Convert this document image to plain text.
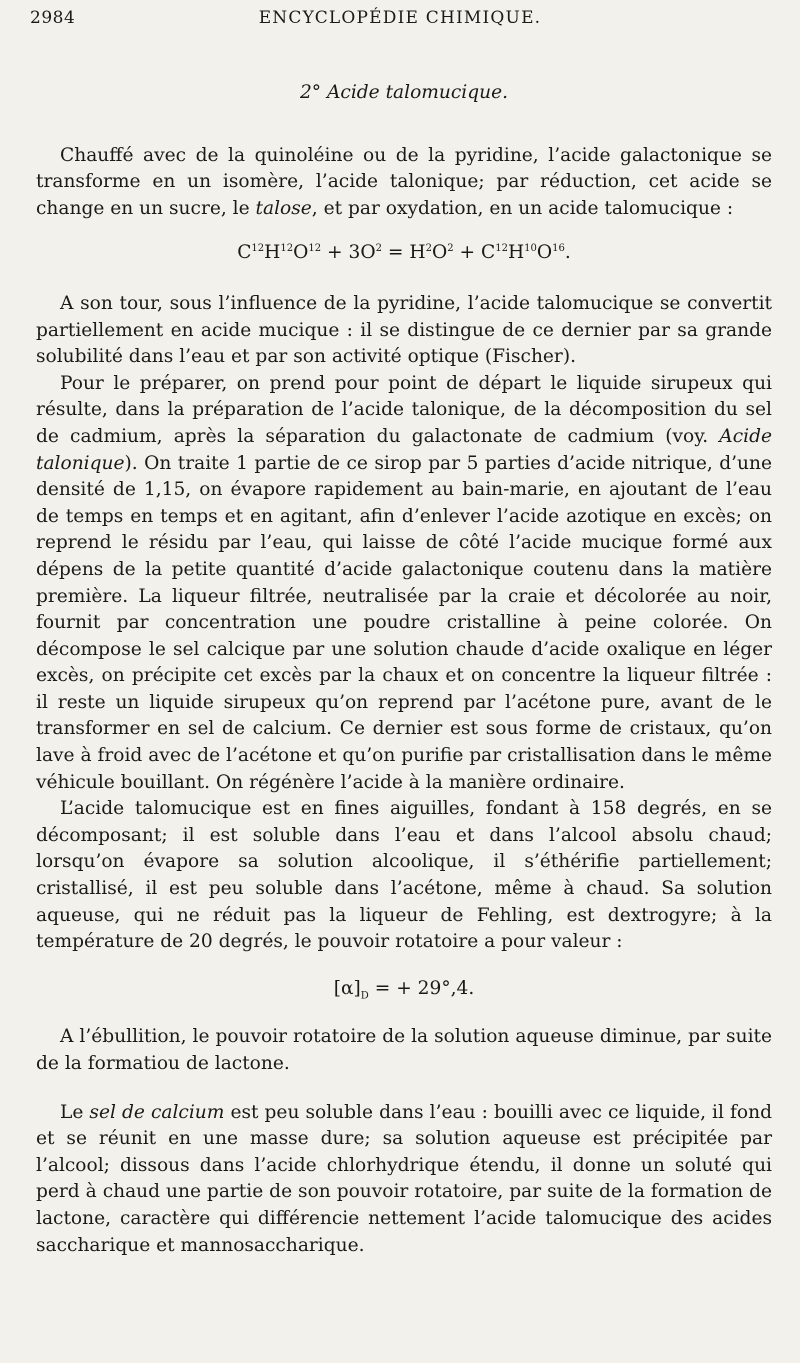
2984	ENCYCLOPÉDIE CHIMIQUE.

2° Acide talomucique.

Chauffé avec de la quinoléine ou de la pyridine, l’acide galactonique se transforme en un isomère, l’acide talonique; par réduction, cet acide se change en un sucre, le talose, et par oxydation, en un acide talomucique :

$C^{12}H^{12}O^{12} + 3O^2 = H^2O^2 + C^{12}H^{10}O^{16}$.

A son tour, sous l’influence de la pyridine, l’acide talomucique se convertit partiellement en acide mucique : il se distingue de ce dernier par sa grande solubilité dans l’eau et par son activité optique (Fischer).

Pour le préparer, on prend pour point de départ le liquide sirupeux qui résulte, dans la préparation de l’acide talonique, de la décomposition du sel de cadmium, après la séparation du galactonate de cadmium (voy. Acide talonique). On traite 1 partie de ce sirop par 5 parties d’acide nitrique, d’une densité de 1,15, on évapore rapidement au bain-marie, en ajoutant de l’eau de temps en temps et en agitant, afin d’enlever l’acide azotique en excès; on reprend le résidu par l’eau, qui laisse de côté l’acide mucique formé aux dépens de la petite quantité d’acide galactonique coutenu dans la matière première. La liqueur filtrée, neutralisée par la craie et décolorée au noir, fournit par concentration une poudre cristalline à peine colorée. On décompose le sel calcique par une solution chaude d’acide oxalique en léger excès, on précipite cet excès par la chaux et on concentre la liqueur filtrée : il reste un liquide sirupeux qu’on reprend par l’acétone pure, avant de le transformer en sel de calcium. Ce dernier est sous forme de cristaux, qu’on lave à froid avec de l’acétone et qu’on purifie par cristallisation dans le même véhicule bouillant. On régénère l’acide à la manière ordinaire.

L’acide talomucique est en fines aiguilles, fondant à 158 degrés, en se décomposant; il est soluble dans l’eau et dans l’alcool absolu chaud; lorsqu’on évapore sa solution alcoolique, il s’éthérifie partiellement; cristallisé, il est peu soluble dans l’acétone, même à chaud. Sa solution aqueuse, qui ne réduit pas la liqueur de Fehling, est dextrogyre; à la température de 20 degrés, le pouvoir rotatoire a pour valeur :

$[\alpha]_D$ = + 29°,4.

A l’ébullition, le pouvoir rotatoire de la solution aqueuse diminue, par suite de la formatiou de lactone.

Le sel de calcium est peu soluble dans l’eau : bouilli avec ce liquide, il fond et se réunit en une masse dure; sa solution aqueuse est précipitée par l’alcool; dissous dans l’acide chlorhydrique étendu, il donne un soluté qui perd à chaud une partie de son pouvoir rotatoire, par suite de la formation de lactone, caractère qui différencie nettement l’acide talomucique des acides saccharique et mannosaccharique.
